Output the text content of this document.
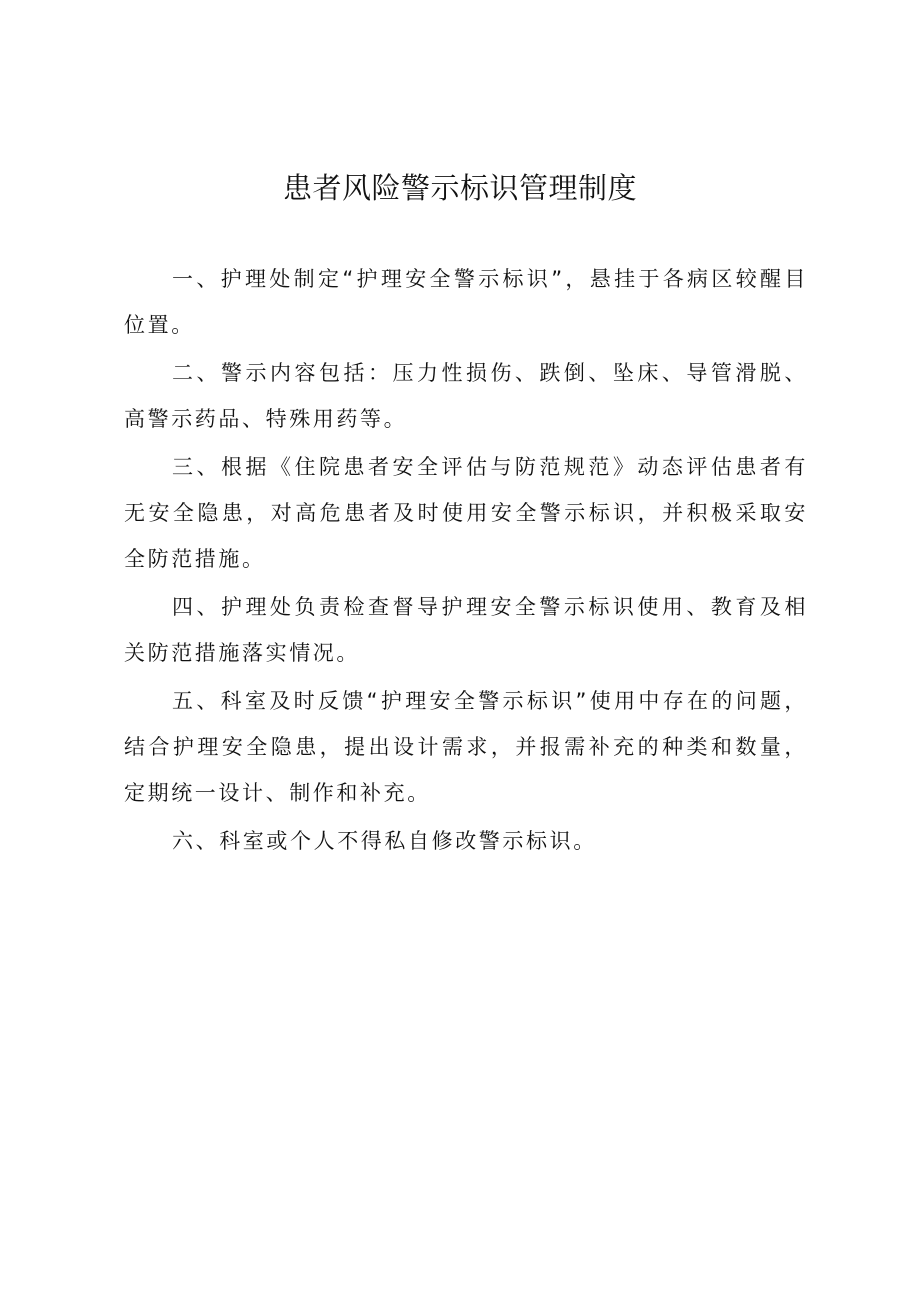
患者风险警示标识管理制度

一、护理处制定“护理安全警示标识”，悬挂于各病区较醒目位置。

二、警示内容包括：压力性损伤、跌倒、坠床、导管滑脱、高警示药品、特殊用药等。

三、根据《住院患者安全评估与防范规范》动态评估患者有无安全隐患，对高危患者及时使用安全警示标识，并积极采取安全防范措施。

四、护理处负责检查督导护理安全警示标识使用、教育及相关防范措施落实情况。

五、科室及时反馈“护理安全警示标识”使用中存在的问题，结合护理安全隐患，提出设计需求，并报需补充的种类和数量，定期统一设计、制作和补充。

六、科室或个人不得私自修改警示标识。
